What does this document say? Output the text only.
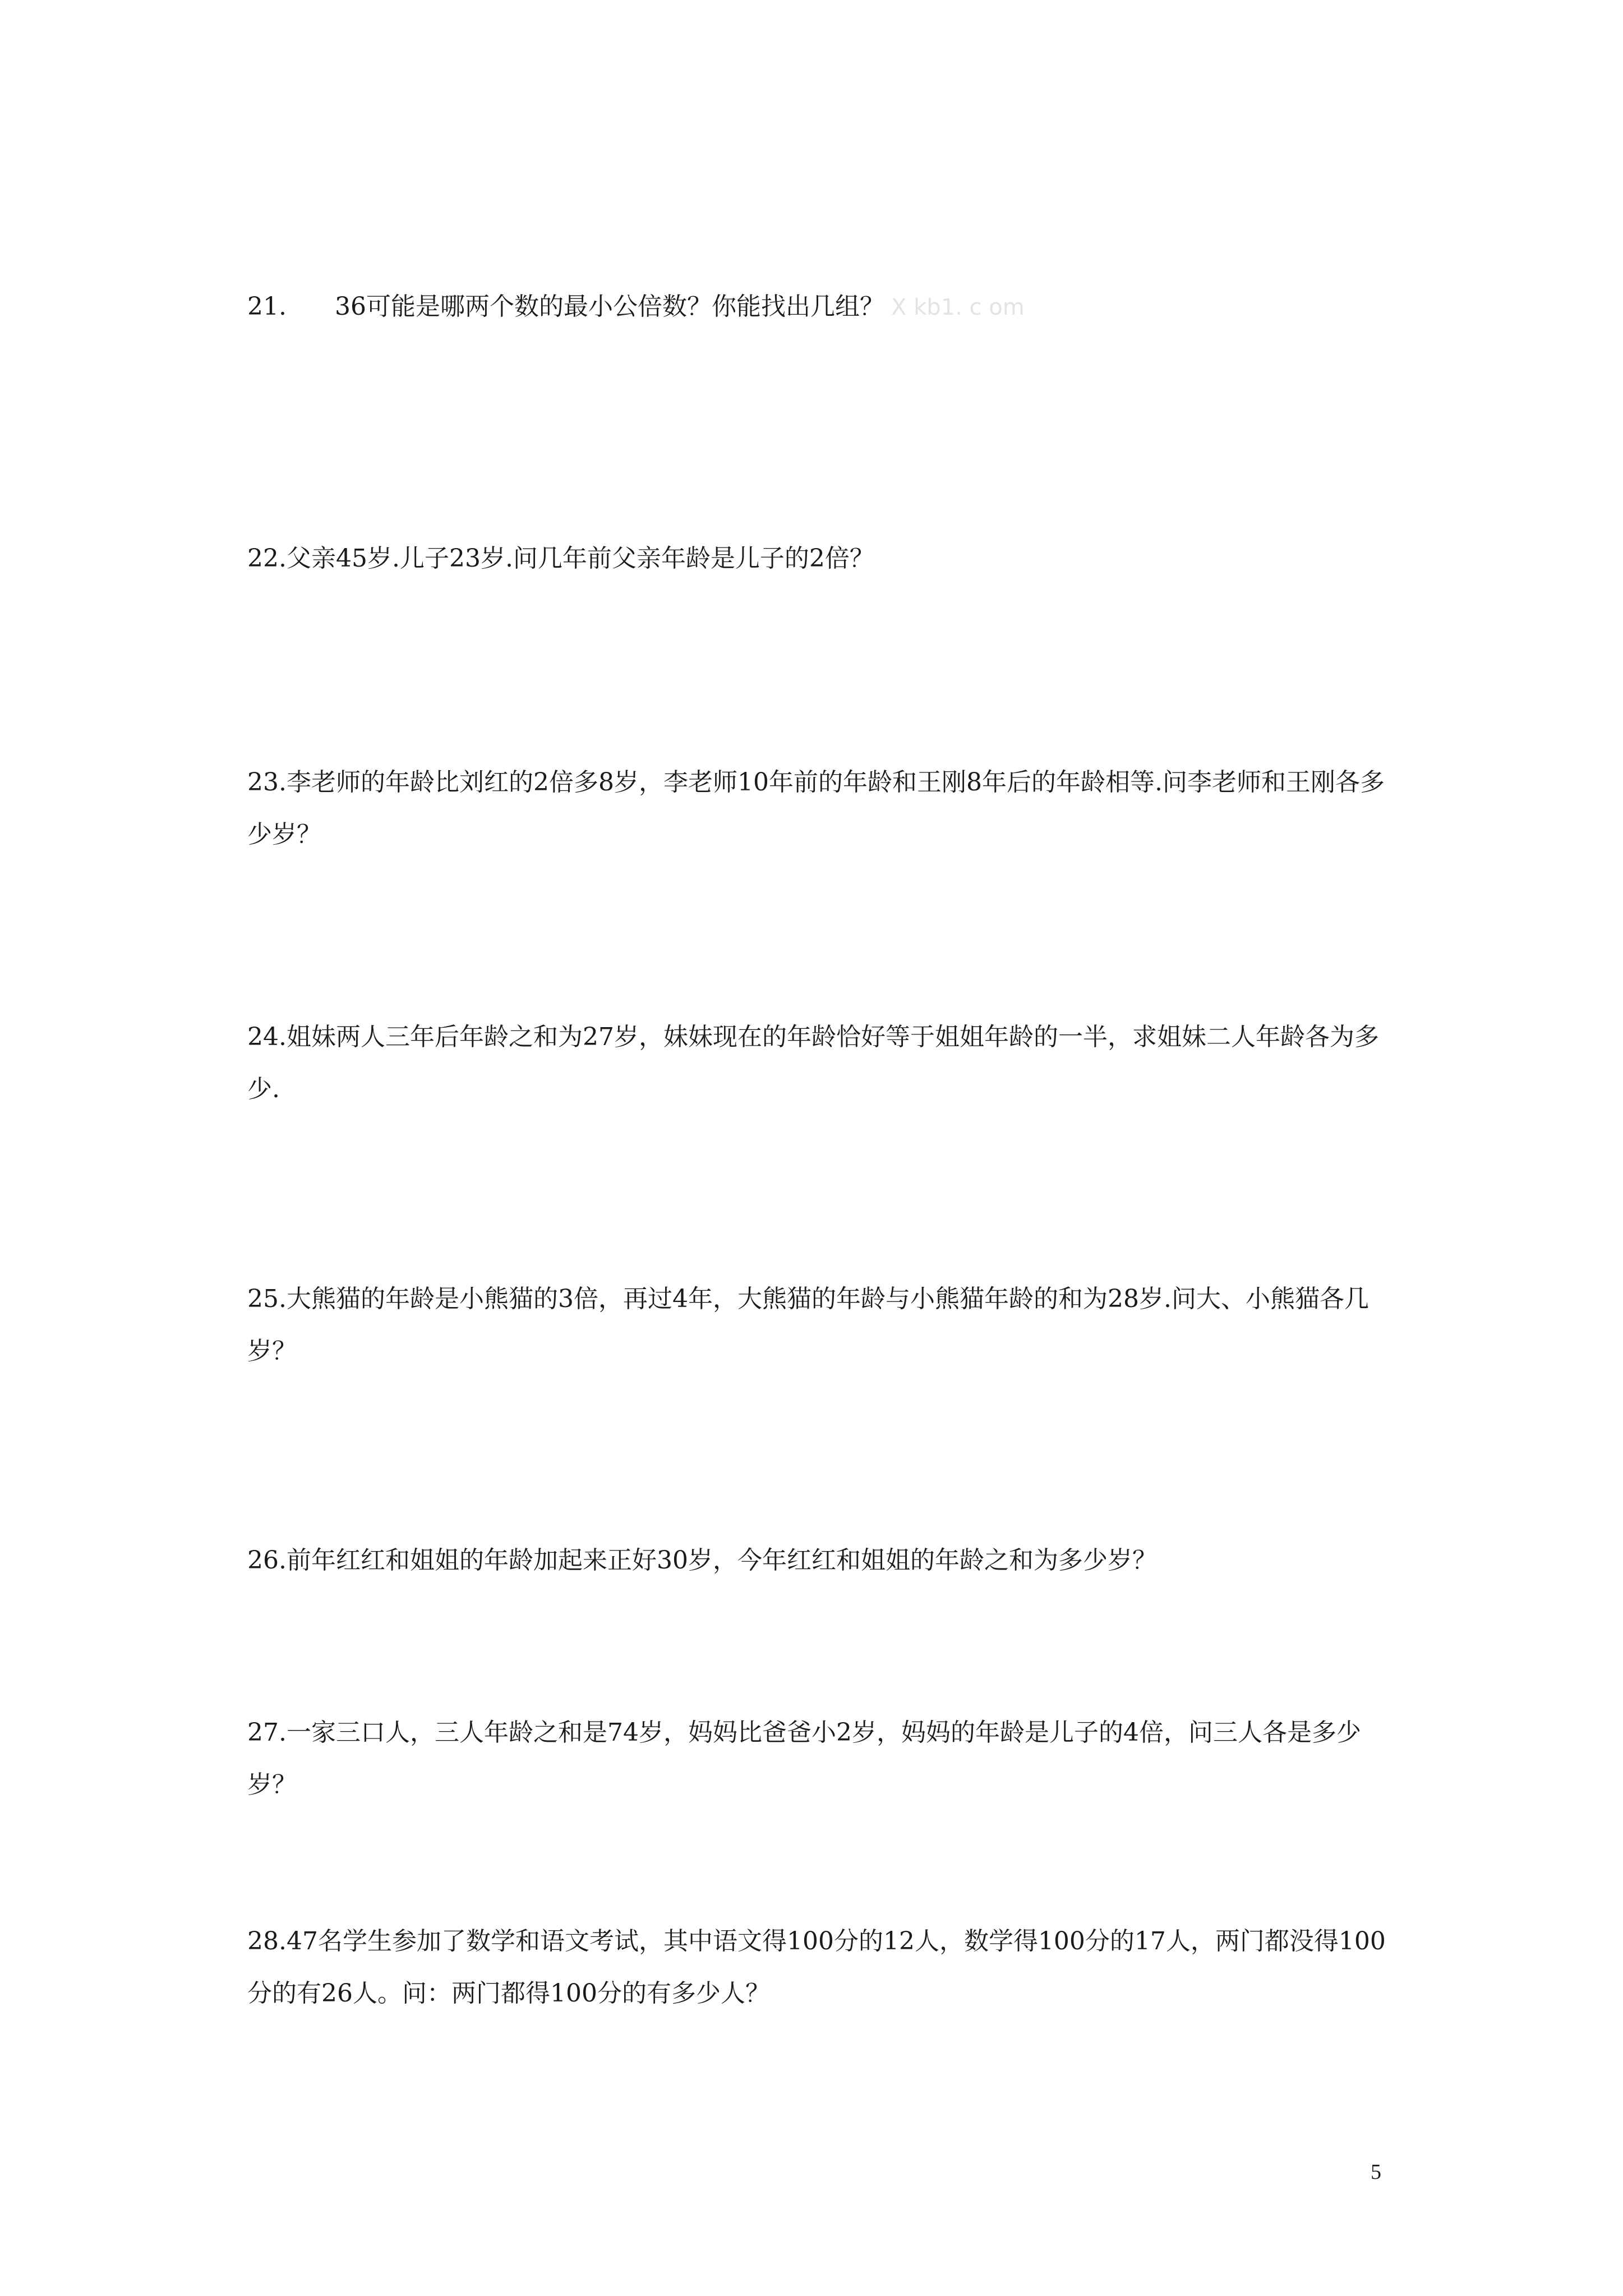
21. 36可能是哪两个数的最小公倍数？你能找出几组？ X kb1. c om

22.父亲45岁.儿子23岁.问几年前父亲年龄是儿子的2倍？

23.李老师的年龄比刘红的2倍多8岁，李老师10年前的年龄和王刚8年后的年龄相等.问李老师和王刚各多少岁？

24.姐妹两人三年后年龄之和为27岁，妹妹现在的年龄恰好等于姐姐年龄的一半，求姐妹二人年龄各为多少.

25.大熊猫的年龄是小熊猫的3倍，再过4年，大熊猫的年龄与小熊猫年龄的和为28岁.问大、小熊猫各几岁？

26.前年红红和姐姐的年龄加起来正好30岁，今年红红和姐姐的年龄之和为多少岁？

27.一家三口人，三人年龄之和是74岁，妈妈比爸爸小2岁，妈妈的年龄是儿子的4倍，问三人各是多少岁？

28.47名学生参加了数学和语文考试，其中语文得100分的12人，数学得100分的17人，两门都没得100分的有26人。问：两门都得100分的有多少人？

5
